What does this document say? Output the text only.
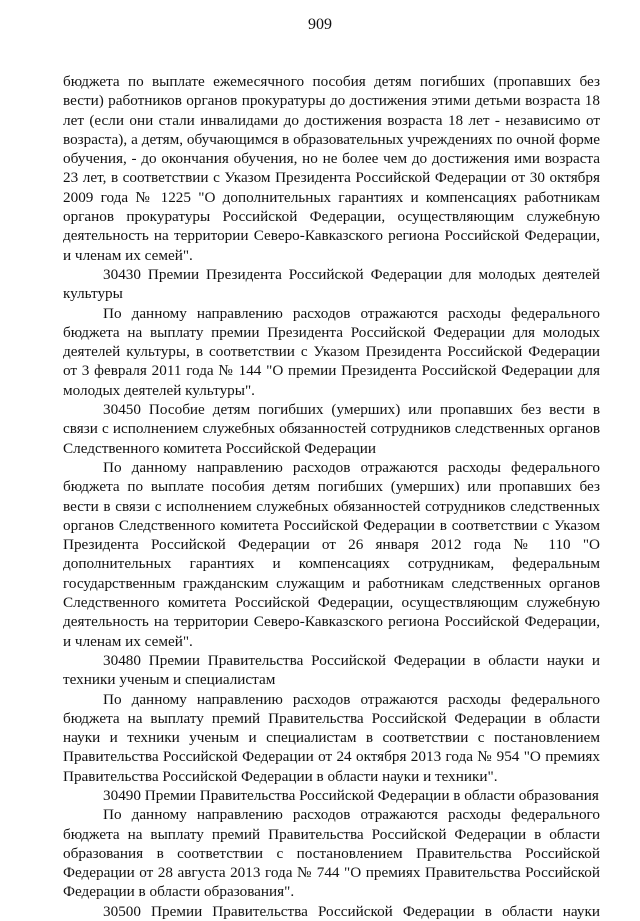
909

бюджета по выплате ежемесячного пособия детям погибших (пропавших без вести) работников органов прокуратуры до достижения этими детьми возраста 18 лет (если они стали инвалидами до достижения возраста 18 лет - независимо от возраста), а детям, обучающимся в образовательных учреждениях по очной форме обучения, - до окончания обучения, но не более чем до достижения ими возраста 23 лет, в соответствии с Указом Президента Российской Федерации от 30 октября 2009 года № 1225 "О дополнительных гарантиях и компенсациях работникам органов прокуратуры Российской Федерации, осуществляющим служебную деятельность на территории Северо-Кавказского региона Российской Федерации, и членам их семей".

30430 Премии Президента Российской Федерации для молодых деятелей культуры

По данному направлению расходов отражаются расходы федерального бюджета на выплату премии Президента Российской Федерации для молодых деятелей культуры, в соответствии с Указом Президента Российской Федерации от 3 февраля 2011 года № 144 "О премии Президента Российской Федерации для молодых деятелей культуры".

30450 Пособие детям погибших (умерших) или пропавших без вести в связи с исполнением служебных обязанностей сотрудников следственных органов Следственного комитета Российской Федерации

По данному направлению расходов отражаются расходы федерального бюджета по выплате пособия детям погибших (умерших) или пропавших без вести в связи с исполнением служебных обязанностей сотрудников следственных органов Следственного комитета Российской Федерации в соответствии с Указом Президента Российской Федерации от 26 января 2012 года № 110 "О дополнительных гарантиях и компенсациях сотрудникам, федеральным государственным гражданским служащим и работникам следственных органов Следственного комитета Российской Федерации, осуществляющим служебную деятельность на территории Северо-Кавказского региона Российской Федерации, и членам их семей".

30480 Премии Правительства Российской Федерации в области науки и техники ученым и специалистам

По данному направлению расходов отражаются расходы федерального бюджета на выплату премий Правительства Российской Федерации в области науки и техники ученым и специалистам в соответствии с постановлением Правительства Российской Федерации от 24 октября 2013 года № 954 "О премиях Правительства Российской Федерации в области науки и техники".

30490 Премии Правительства Российской Федерации в области образования

По данному направлению расходов отражаются расходы федерального бюджета на выплату премий Правительства Российской Федерации в области образования в соответствии с постановлением Правительства Российской Федерации от 28 августа 2013 года № 744 "О премиях Правительства Российской Федерации в области образования".

30500 Премии Правительства Российской Федерации в области науки
